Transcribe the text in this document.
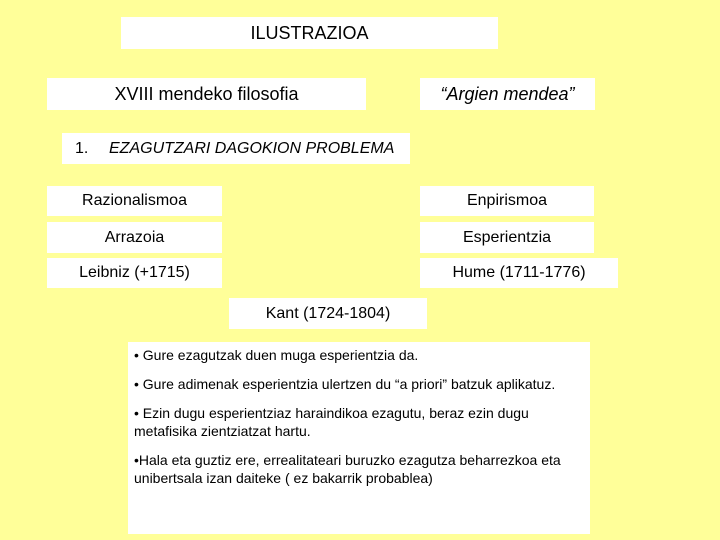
ILUSTRAZIOA
XVIII mendeko filosofia	“Argien mendea”
1.	EZAGUTZARI DAGOKION PROBLEMA
Razionalismoa	Enpirismoa
Arrazoia	Esperientzia
Leibniz (+1715)	Hume (1711-1776)
Kant (1724-1804)

• Gure ezagutzak duen muga esperientzia da.

• Gure adimenak esperientzia ulertzen du “a priori” batzuk aplikatuz.

• Ezin dugu esperientziaz haraindikoa ezagutu, beraz ezin dugu metafisika zientziatzat hartu.

•Hala eta guztiz ere, errealitateari buruzko ezagutza beharrezkoa eta unibertsala izan daiteke ( ez bakarrik probablea)
